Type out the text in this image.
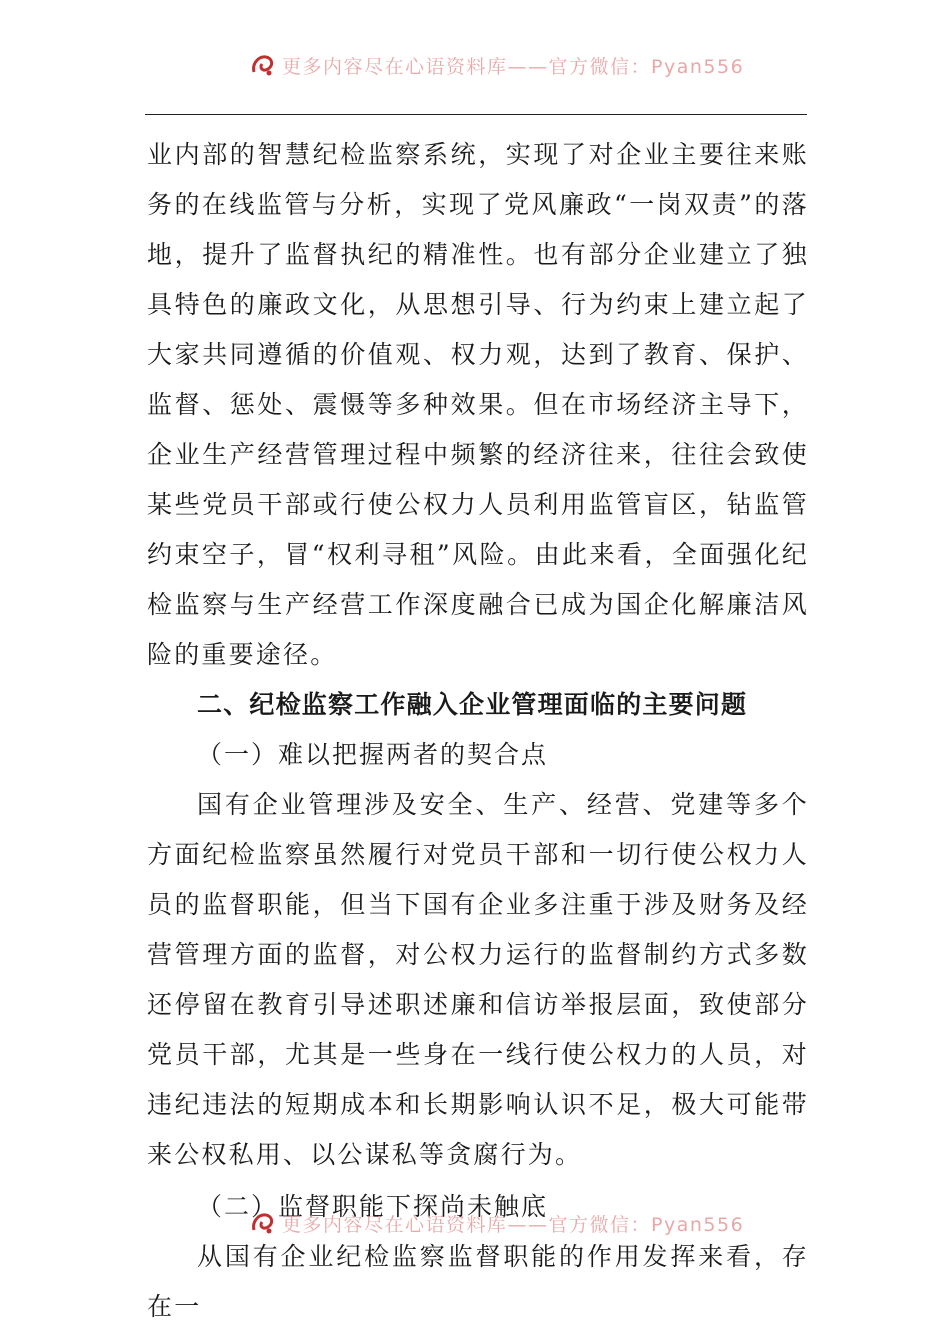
更多内容尽在心语资料库——官方微信：Pyan556

业内部的智慧纪检监察系统，实现了对企业主要往来账务的在线监管与分析，实现了党风廉政“一岗双责”的落地，提升了监督执纪的精准性。也有部分企业建立了独具特色的廉政文化，从思想引导、行为约束上建立起了大家共同遵循的价值观、权力观，达到了教育、保护、监督、惩处、震慑等多种效果。但在市场经济主导下，企业生产经营管理过程中频繁的经济往来，往往会致使某些党员干部或行使公权力人员利用监管盲区，钻监管约束空子，冒“权利寻租”风险。由此来看，全面强化纪检监察与生产经营工作深度融合已成为国企化解廉洁风险的重要途径。

二、纪检监察工作融入企业管理面临的主要问题

（一）难以把握两者的契合点

国有企业管理涉及安全、生产、经营、党建等多个方面纪检监察虽然履行对党员干部和一切行使公权力人员的监督职能，但当下国有企业多注重于涉及财务及经营管理方面的监督，对公权力运行的监督制约方式多数还停留在教育引导述职述廉和信访举报层面，致使部分党员干部，尤其是一些身在一线行使公权力的人员，对违纪违法的短期成本和长期影响认识不足，极大可能带来公权私用、以公谋私等贪腐行为。

（二）监督职能下探尚未触底

从国有企业纪检监察监督职能的作用发挥来看，存在一

更多内容尽在心语资料库——官方微信：Pyan556
